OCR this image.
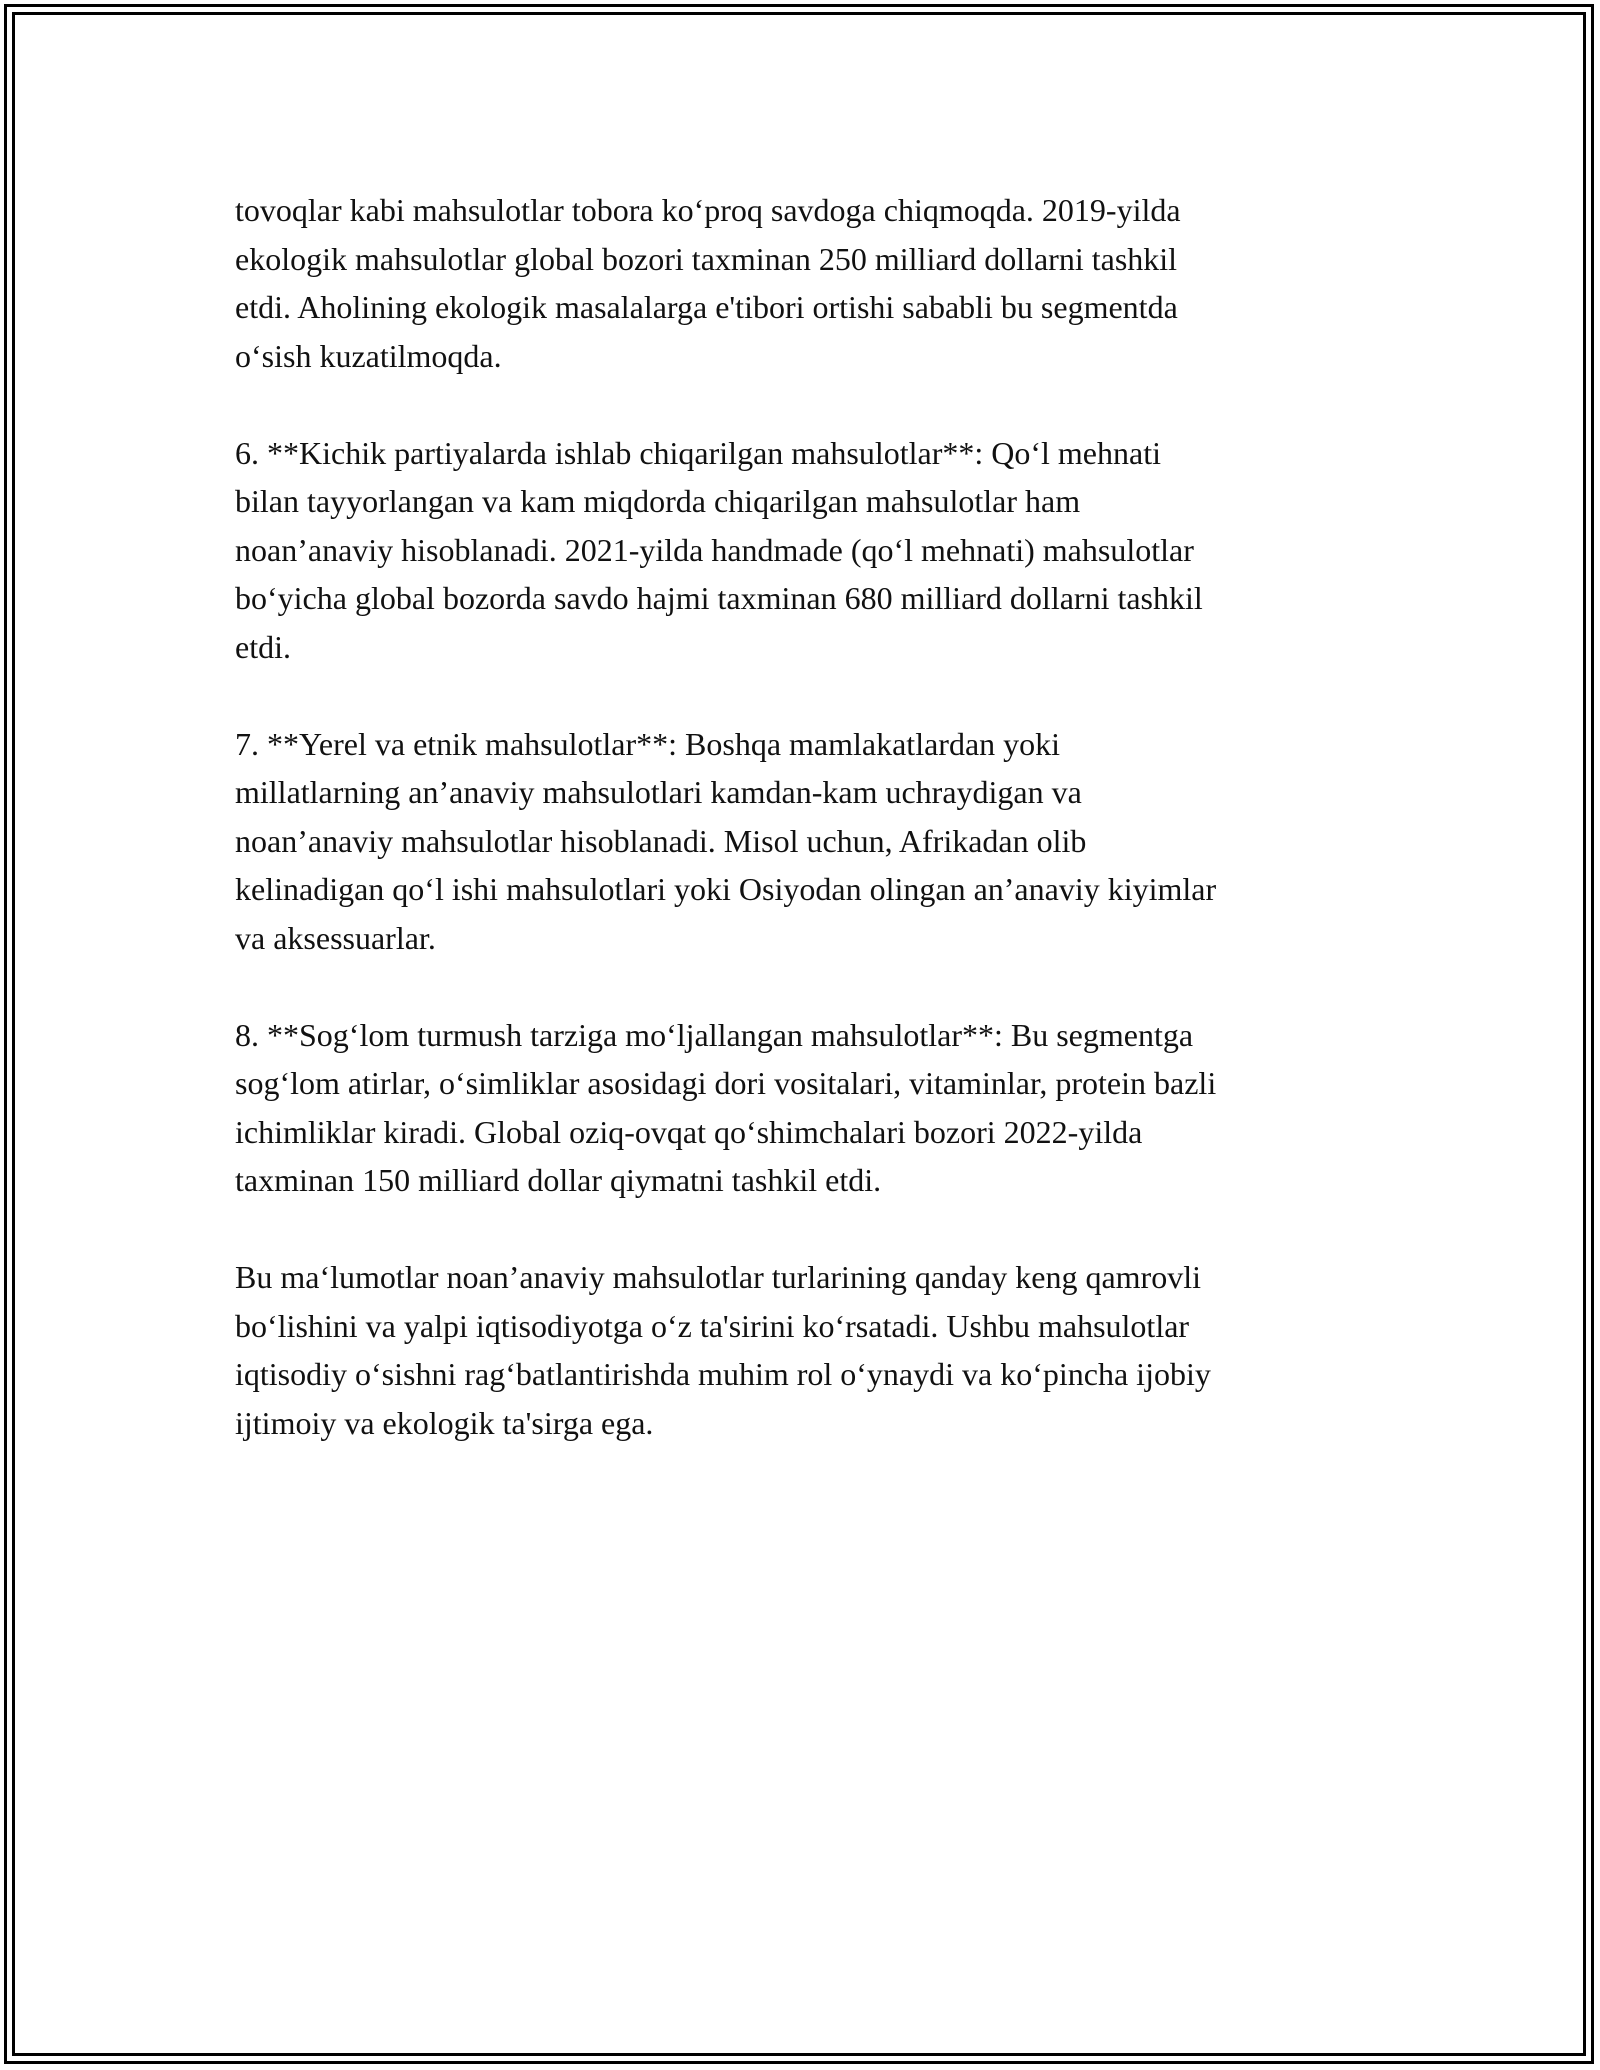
tovoqlar kabi mahsulotlar tobora ko‘proq savdoga chiqmoqda. 2019-yilda
ekologik mahsulotlar global bozori taxminan 250 milliard dollarni tashkil
etdi. Aholining ekologik masalalarga e'tibori ortishi sababli bu segmentda
o‘sish kuzatilmoqda.

6. **Kichik partiyalarda ishlab chiqarilgan mahsulotlar**: Qo‘l mehnati
bilan tayyorlangan va kam miqdorda chiqarilgan mahsulotlar ham
noan’anaviy hisoblanadi. 2021-yilda handmade (qo‘l mehnati) mahsulotlar
bo‘yicha global bozorda savdo hajmi taxminan 680 milliard dollarni tashkil
etdi.

7. **Yerel va etnik mahsulotlar**: Boshqa mamlakatlardan yoki
millatlarning an’anaviy mahsulotlari kamdan-kam uchraydigan va
noan’anaviy mahsulotlar hisoblanadi. Misol uchun, Afrikadan olib
kelinadigan qo‘l ishi mahsulotlari yoki Osiyodan olingan an’anaviy kiyimlar
va aksessuarlar.

8. **Sog‘lom turmush tarziga mo‘ljallangan mahsulotlar**: Bu segmentga
sog‘lom atirlar, o‘simliklar asosidagi dori vositalari, vitaminlar, protein bazli
ichimliklar kiradi. Global oziq-ovqat qo‘shimchalari bozori 2022-yilda
taxminan 150 milliard dollar qiymatni tashkil etdi.

Bu ma‘lumotlar noan’anaviy mahsulotlar turlarining qanday keng qamrovli
bo‘lishini va yalpi iqtisodiyotga o‘z ta'sirini ko‘rsatadi. Ushbu mahsulotlar
iqtisodiy o‘sishni rag‘batlantirishda muhim rol o‘ynaydi va ko‘pincha ijobiy
ijtimoiy va ekologik ta'sirga ega.
